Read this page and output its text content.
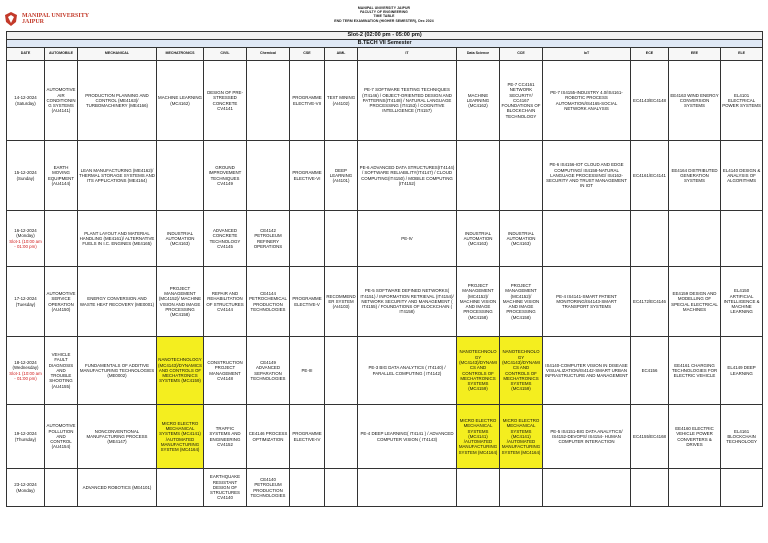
MANIPAL UNIVERSITY
JAIPUR
MANIPAL UNIVERSITY JAIPUR
FACULTY OF ENGINEERING
TIME TABLE
END TERM EXAMINATION (HIGHER SEMESTER), Dec 2024
Slot-2 (02:00 pm - 05:00 pm)														
B.TECH VII Semester														
DATE	AUTOMOBILE	MECHANICAL	MECHATRONICS	CIVIL	Chemical	CSE	AIML	IT	Data Science	CCE	IoT	ECE	EEE	ELE

14-12-2024
(Saturday)	AUTOMOTIVE AIR CONDITIONIN G SYSTEMS (AU4141)	PRODUCTION PLANNING AND CONTROL (ME4163)/ TURBOMACHINERY (ME4166)	MACHINE LEARNING (MC4162)	DESIGN OF PRE-STRESSED CONCRETE CV4141		PROGRAMME ELECTIVE-VII	TEXT MINING (AI4102)	PE-7 SOFTWARE TESTING TECHNIQUES (IT4146) / OBJECT-ORIENTED DESIGN AND PATTERNS(IT4148) / NATURAL LANGUAGE PROCESSING (IT4153) / COGNITIVE INTELLIGENCE (IT4157)	MACHINE LEARNING (MC4162)	PE-7 CC4161 NETWORK SECURITY/ CC4167 FOUNDATIONS OF BLOCKCHAIN TECHNOLOGY	PE-7 IS4155-INDUSTRY 4.0/IS4161-ROBOTIC PROCESS AUTOMATION/IS4165-SOCIAL NETWORK ANALYSIS	EC4143/EC4148	EE4163 WIND ENERGY CONVERSION SYSTEMS	EL4101 ELECTRICAL POWER SYSTEMS

15-12-2024
(Sunday)	EARTH MOVING EQUIPMENT (AU4144)	LEAN MANUFACTURING (ME4162)/ THERMAL STORAGE SYSTEMS AND ITS APPLICATIONS (ME4164)		GROUND IMPROVEMENT TECHNIQUES CV4149		PROGRAMME ELECTIVE-VI	DEEP LEARNING (AI4101)	PE-6 ADVANCED DATA STRUCTURES(IT4144) / SOFTWARE RELIABILITY(IT4147) / CLOUD COMPUTING(IT4150) / MOBILE COMPUTING (IT4152)			PE-6 IS4156-IOT CLOUD AND EDGE COMPUTING/ IS4158-NATURAL LANGUAGE PROCESSING/ IS4162-SECURITY AND TRUST MANAGEMENT IN IOT	EC4161/EC4141	EE4164 DISTRIBUTED GENERATION SYSTEMS	EL4140 DESIGN & ANALYSIS OF ALGORITHMS

16-12-2024
(Monday)
Slot-1 (10:00 am - 01:00 pm)		PLANT LAYOUT AND MATERIAL HANDLING (ME4161)/ ALTERNATIVE FUELS IN I.C. ENGINES (ME4165)	INDUSTRIAL AUTOMATION (MC4163)	ADVANCED CONCRETE TECHNOLOGY CV4145	CE4142 PETROLEUM REFINERY OPERATIONS			PE-IV	INDUSTRIAL AUTOMATION (MC4163)	INDUSTRIAL AUTOMATION (MC4163)				

17-12-2024
(Tuesday)	AUTOMOTIVE SERVICE OPERATION (AU4150)	ENERGY CONVERSION AND WASTE HEAT RECOVERY (ME0001)	PROJECT MANAGEMENT (MC4152)/ MACHINE VISION AND IMAGE PROCESSING (MC4158)	REPAIR AND REHABILITATION OF STRUCTURES CV4144	CE4144 PETROCHEMICAL PRODUCTION TECHNOLOGIES	PROGRAMME ELECTIVE-V	RECOMMENDER SYSTEM (AI4103)	PE-5 SOFTWARE DEFINED NETWORKS( IT4151) / INFORMATION RETRIEVAL (IT4154)/ NETWORK SECURITY AND MANAGEMENT ( IT4155) / FOUNDATIONS OF BLOCKCHAIN ( IT4158)	PROJECT MANAGEMENT (MC4152)/ MACHINE VISION AND IMAGE PROCESSING (MC4158)	PROJECT MANAGEMENT (MC4152)/ MACHINE VISION AND IMAGE PROCESSING (MC4158)	PE-4 IS4141-SMART PATIENT MONITORING/IS4143-SMART TRANSPORT SYSTEMS	EC4172/EC4146	EE4159 DESIGN AND MODELLING OF SPECIAL ELECTRICAL MACHINES	EL4150 ARTIFICIAL INTELLIGENCE & MACHINE LEARNING

18-12-2024
(Wednesday)
Slot-1 (10:00 am - 01:00 pm)	VEHICLE FAULT DIAGNOSIS AND TROUBLE SHOOTING (AU4155)	FUNDAMENTALS OF ADDITIVE MANUFACTURING TECHNOLOGIES (ME0002)	NANOTECHNOLOGY (MC4143)/DYNAMICS AND CONTROLS OF MECHATRONICS SYSTEMS (MC4159)	CONSTRUCTION PROJECT MANAGEMENT CV4148	CE4149 ADVANCED SEPARATION TECHNOLOGIES	PE-III		PE-3 BIG DATA ANALYTICS ( IT4140) / PARALLEL COMPUTING ( IT4142)	NANOTECHNOLOGY (MC4143)/DYNAMICS AND CONTROLS OF MECHATRONICS SYSTEMS (MC4159)	NANOTECHNOLOGY (MC4143)/DYNAMICS AND CONTROLS OF MECHATRONICS SYSTEMS (MC4159)	IS4140-COMPUTER VISION IN DISEASE VISUALIZATION/IS4142-SMART URBAN INFRASTRUCTURE AND MANAGEMENT	EC4156	EE4161 CHARGING TECHNOLOGIES FOR ELECTRIC VEHICLE	EL4149 DEEP LEARNING

19-12-2024
(Thursday)	AUTOMOTIVE POLLUTION AND CONTROL (AU4154)	NONCONVENTIONAL MANUFACTURING PROCESS (ME4147)	MICRO ELECTRO MECHANICAL SYSTEMS (MC4141) /AUTOMATED MANUFACTURING SYSTEM (MC4164)	TRAFFIC SYSTEMS AND ENGINEERING CV4152	CE4146 PROCESS OPTIMIZATION	PROGRAMME ELECTIVE-IV		PE-4 DEEP LEARNING( IT4141 ) / ADVANCED COMPUTER VISION ( IT4143)	MICRO ELECTRO MECHANICAL SYSTEMS (MC4141) /AUTOMATED MANUFACTURING SYSTEM (MC4164)	MICRO ELECTRO MECHANICAL SYSTEMS (MC4141) /AUTOMATED MANUFACTURING SYSTEM (MC4164)	PE-5 IS4151-BIG DATA ANALYTICS/ IS4152-DEVOPS/ IS4154- HUMAN COMPUTER INTERACTION	EC4155/EC4168	EE4160 ELECTRIC VEHICLE POWER CONVERTERS & DRIVES	EL4161 BLOCKCHAIN TECHNOLOGY

23-12-2024
(Monday)		ADVANCED ROBOTICS (ME4101)		EARTHQUAKE RESISTANT DESIGN OF STRUCTURES CV4140	CE4140 PETROLEUM PRODUCTION TECHNOLOGIES									
